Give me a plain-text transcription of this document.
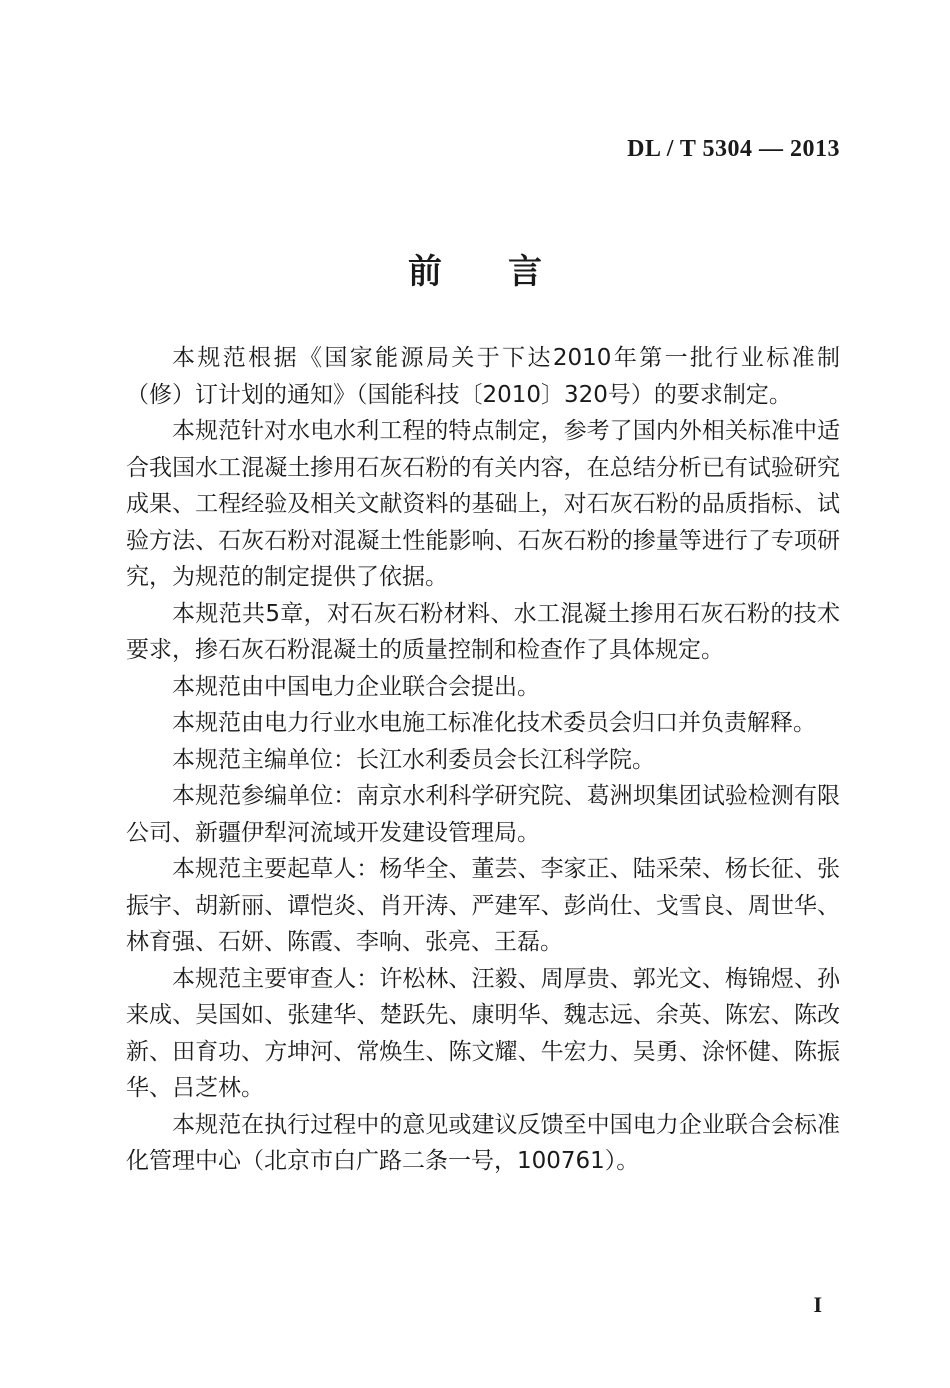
DL / T 5304 — 2013
前 言

本规范根据《国家能源局关于下达2010年第一批行业标准制（修）订计划的通知》（国能科技〔2010〕320号）的要求制定。

本规范针对水电水利工程的特点制定，参考了国内外相关标准中适合我国水工混凝土掺用石灰石粉的有关内容，在总结分析已有试验研究成果、工程经验及相关文献资料的基础上，对石灰石粉的品质指标、试验方法、石灰石粉对混凝土性能影响、石灰石粉的掺量等进行了专项研究，为规范的制定提供了依据。

本规范共5章，对石灰石粉材料、水工混凝土掺用石灰石粉的技术要求，掺石灰石粉混凝土的质量控制和检查作了具体规定。

本规范由中国电力企业联合会提出。

本规范由电力行业水电施工标准化技术委员会归口并负责解释。

本规范主编单位：长江水利委员会长江科学院。

本规范参编单位：南京水利科学研究院、葛洲坝集团试验检测有限公司、新疆伊犁河流域开发建设管理局。

本规范主要起草人：杨华全、董芸、李家正、陆采荣、杨长征、张振宇、胡新丽、谭恺炎、肖开涛、严建军、彭尚仕、戈雪良、周世华、林育强、石妍、陈霞、李响、张亮、王磊。

本规范主要审查人：许松林、汪毅、周厚贵、郭光文、梅锦煜、孙来成、吴国如、张建华、楚跃先、康明华、魏志远、余英、陈宏、陈改新、田育功、方坤河、常焕生、陈文耀、牛宏力、吴勇、涂怀健、陈振华、吕芝林。

本规范在执行过程中的意见或建议反馈至中国电力企业联合会标准化管理中心（北京市白广路二条一号，100761）。

I
